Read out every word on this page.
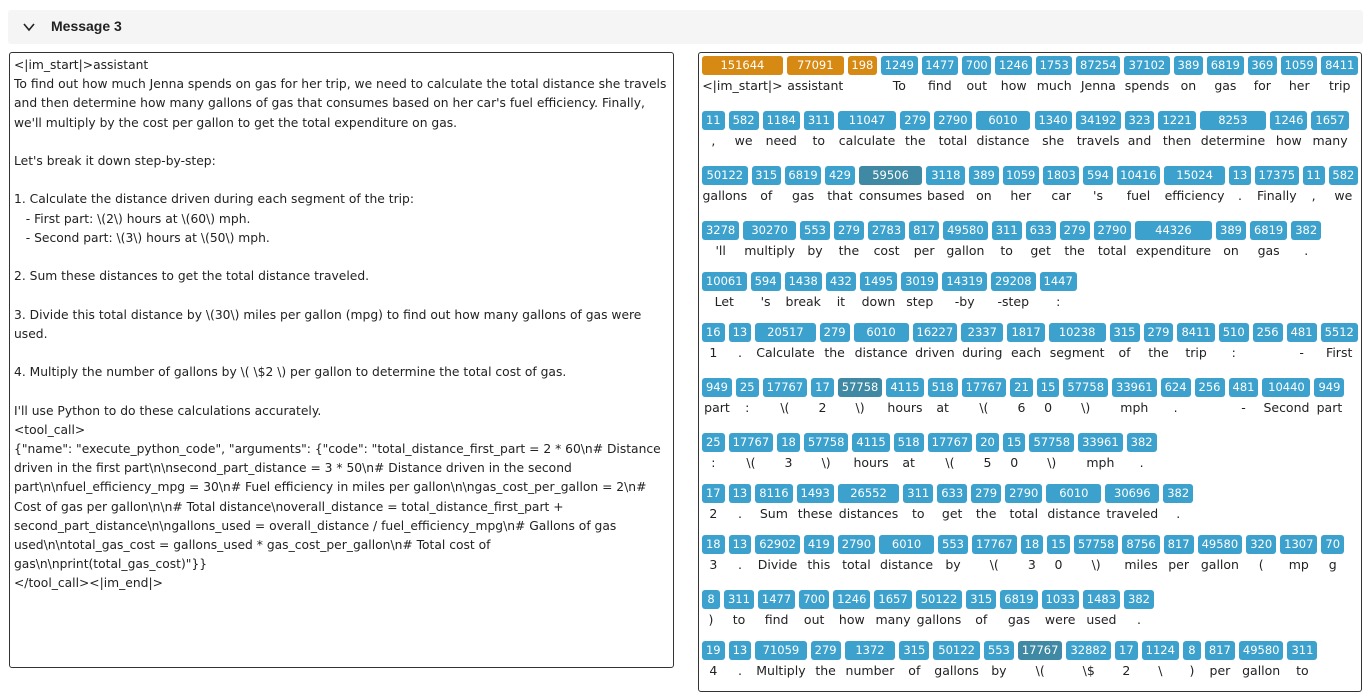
Message 3
<|im_start|>assistant
To find out how much Jenna spends on gas for her trip, we need to calculate the total distance she travels and then determine how many gallons of gas that consumes based on her car's fuel efficiency. Finally, we'll multiply by the cost per gallon to get the total expenditure on gas.

Let's break it down step-by-step:

1. Calculate the distance driven during each segment of the trip:
- First part: \(2\) hours at \(60\) mph.
- Second part: \(3\) hours at \(50\) mph.

2. Sum these distances to get the total distance traveled.

3. Divide this total distance by \(30\) miles per gallon (mpg) to find out how many gallons of gas were used.

4. Multiply the number of gallons by \( \$2 \) per gallon to determine the total cost of gas.

I'll use Python to do these calculations accurately.
<tool_call>
{"name": "execute_python_code", "arguments": {"code": "total_distance_first_part = 2 * 60\n# Distance driven in the first part\n\nsecond_part_distance = 3 * 50\n# Distance driven in the second part\n\nfuel_efficiency_mpg = 30\n# Fuel efficiency in miles per gallon\n\ngas_cost_per_gallon = 2\n# Cost of gas per gallon\n\n# Total distance\noverall_distance = total_distance_first_part + second_part_distance\n\ngallons_used = overall_distance / fuel_efficiency_mpg\n# Gallons of gas used\n\ntotal_gas_cost = gallons_used * gas_cost_per_gallon\n# Total cost of gas\n\nprint(total_gas_cost)"}}
</tool_call><|im_end|>
151644
<|im_start|>
77091
assistant
198 1249
To
1477
find
700
out
1246
how
1753
much
87254
Jenna
37102
spends
389
on
6819
gas
369
for
1059
her
8411
trip
11
,
582
we
1184
need
311
to
11047
calculate
279
the
2790
total
6010
distance
1340
she
34192
travels
323
and
1221
then
8253
determine
1246
how
1657
many
50122
gallons
315
of
6819
gas
429
that
59506
consumes
3118
based
389
on
1059
her
1803
car
594
's
10416
fuel
15024
efficiency
13
.
17375
Finally
11
,
582
we
3278
'll
30270
multiply
553
by
279
the
2783
cost
817
per
49580
gallon
311
to
633
get
279
the
2790
total
44326
expenditure
389
on
6819
gas
382
.
10061
Let
594
's
1438
break
432
it
1495
down
3019
step
14319
-by
29208
-step
1447
:
16
1
13
.
20517
Calculate
279
the
6010
distance
16227
driven
2337
during
1817
each
10238
segment
315
of
279
the
8411
trip
510
:
256	481
-
5512
First
949
part
25
:
17767
\(
17
2
57758
\)
4115
hours
518
at
17767
\(
21
6
15
0
57758
\)
33961
mph
624
.
256	481
-
10440
Second
949
part
25
:
17767
\(
18
3
57758
\)
4115
hours
518
at
17767
\(
20
5
15
0
57758
\)
33961
mph
382
.
17
2
13
.
8116
Sum
1493
these
26552
distances
311
to
633
get
279
the
2790
total
6010
distance
30696
traveled
382
.
18
3
13
.
62902
Divide
419
this
2790
total
6010
distance
553
by
17767
\(
18
3
15
0
57758
\)
8756
miles
817
per
49580
gallon
320
(
1307
mp
70
g
8
)
311
to
1477
find
700
out
1246
how
1657
many
50122
gallons
315
of
6819
gas
1033
were
1483
used
382
.
19
4
13
.
71059
Multiply
279
the
1372
number
315
of
50122
gallons
553
by
17767
\(
32882
\$
17
2
1124
\
8
)
817
per
49580
gallon
311
to
